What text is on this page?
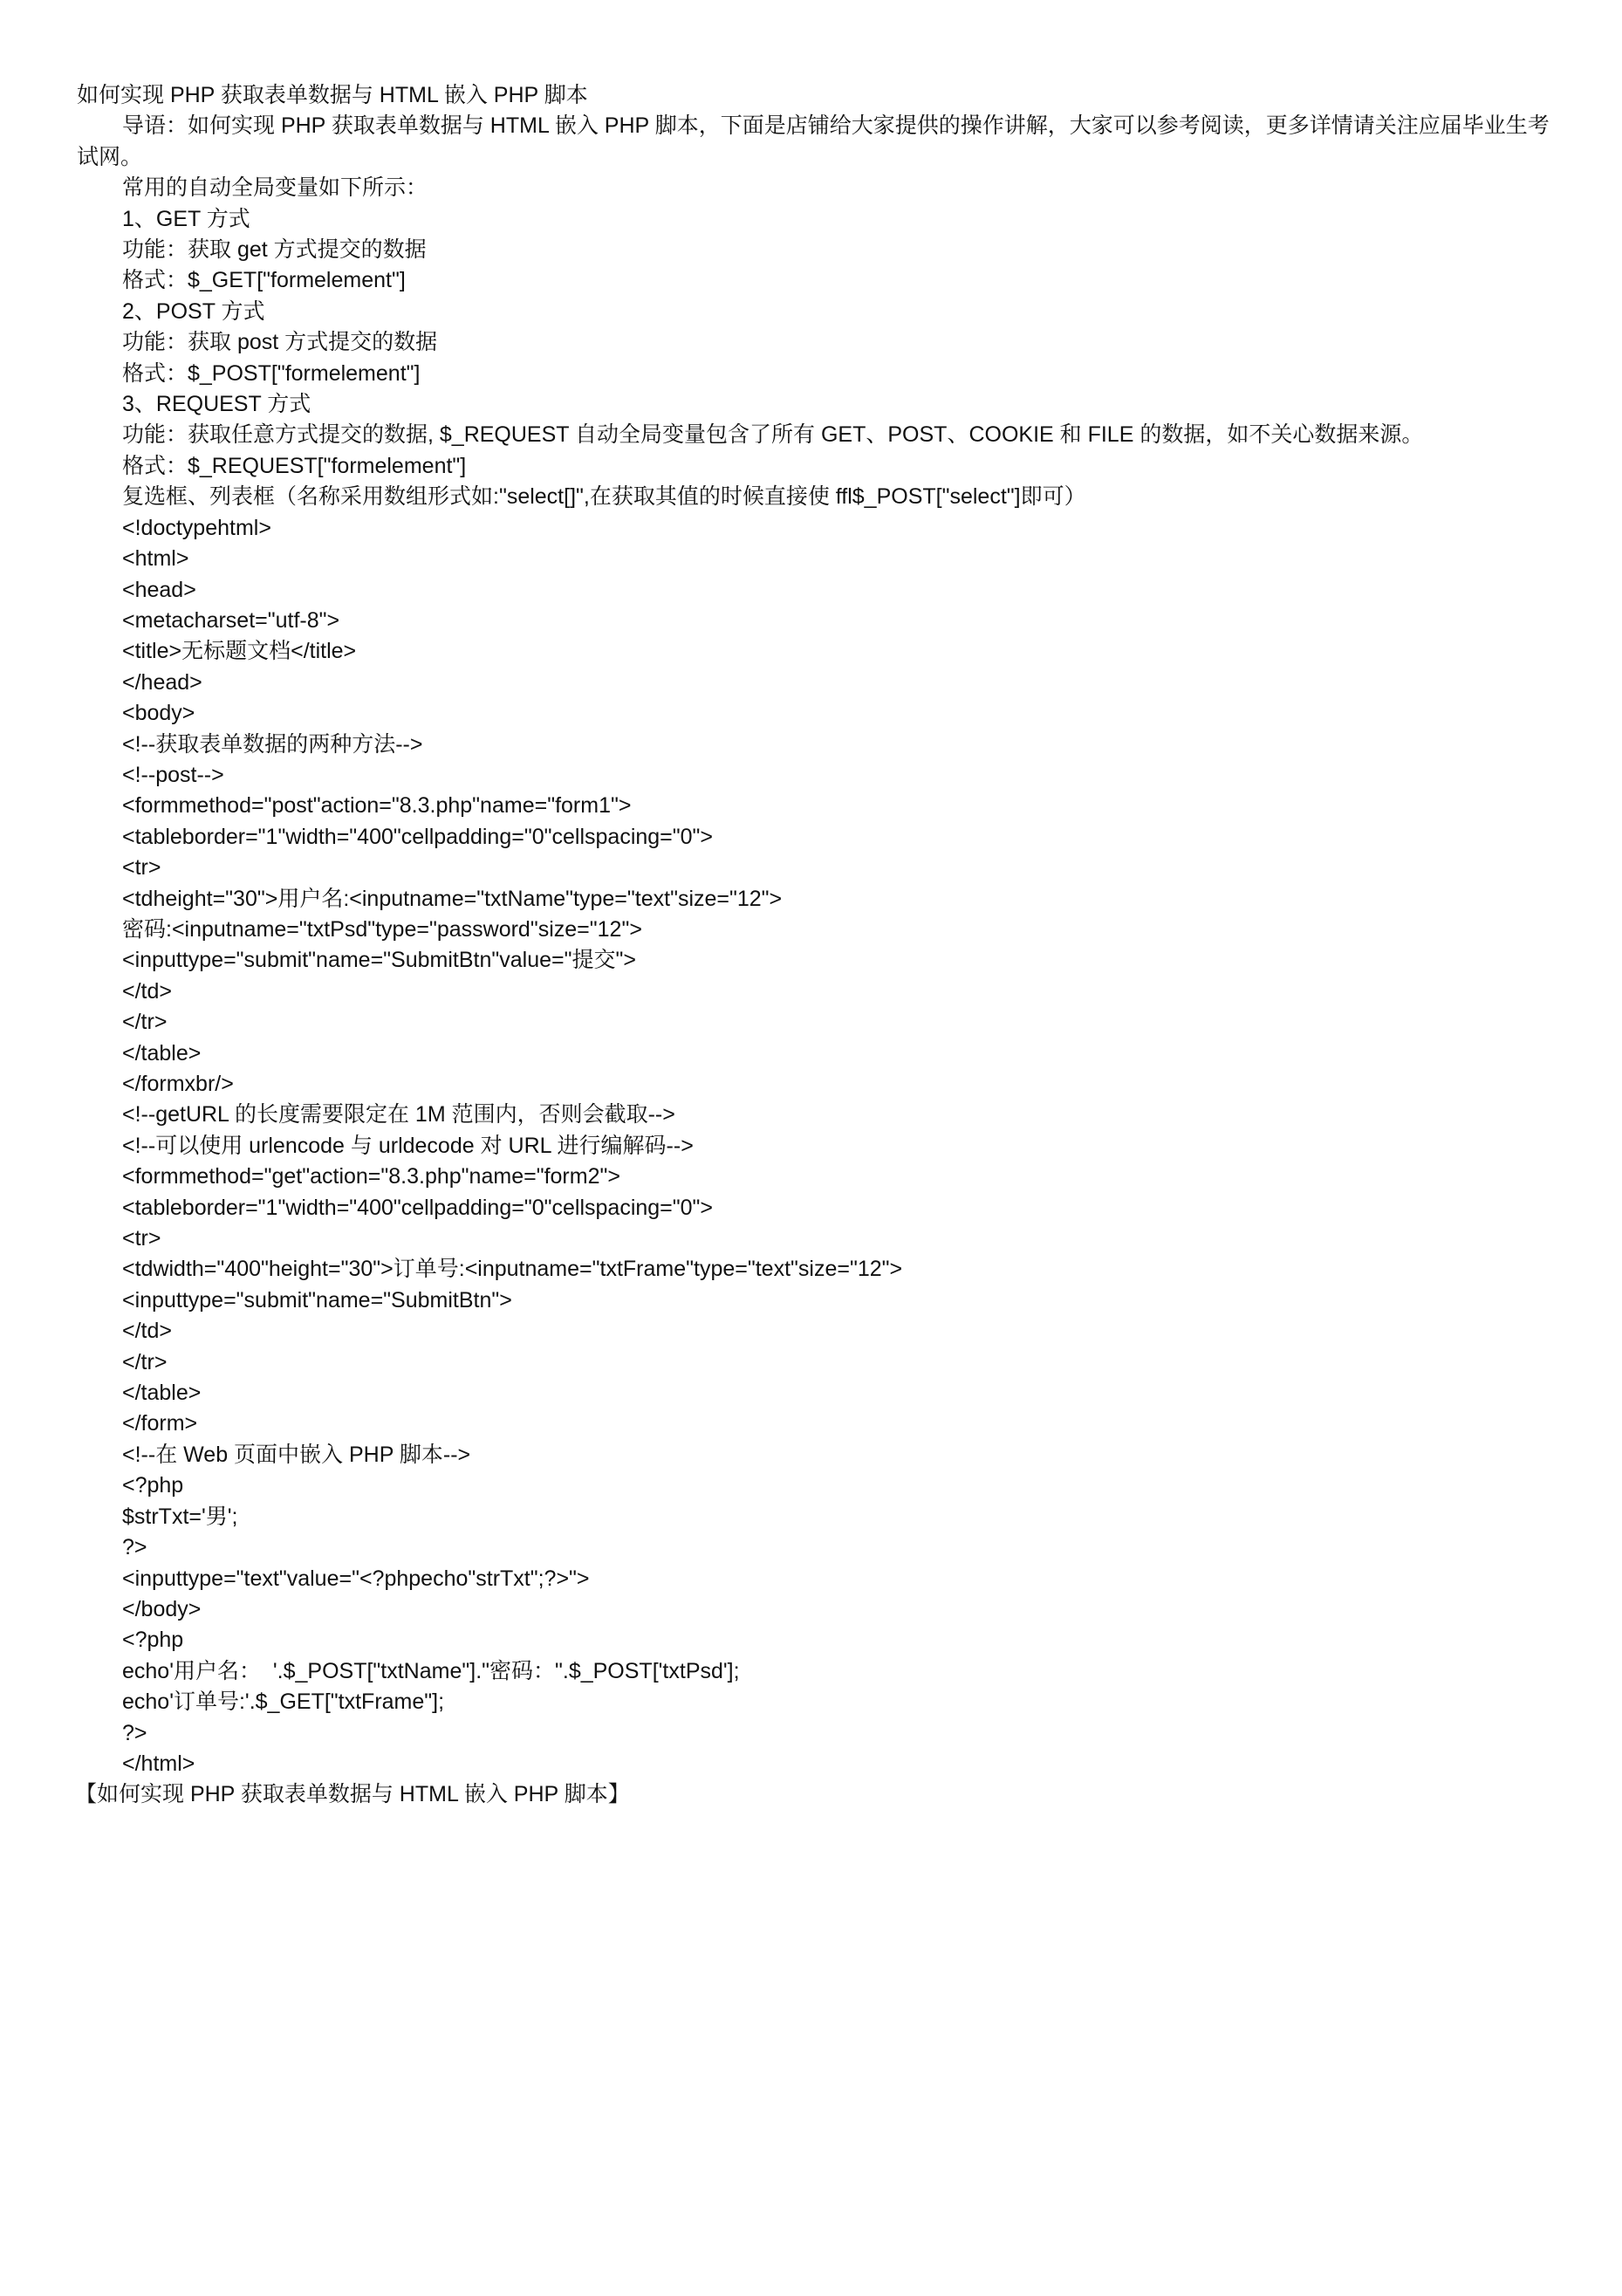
如何实现 PHP 获取表单数据与 HTML 嵌入 PHP 脚本

导语：如何实现 PHP 获取表单数据与 HTML 嵌入 PHP 脚本，下面是店铺给大家提供的操作讲解，大家可以参考阅读，更多详情请关注应届毕业生考试网。

常用的自动全局变量如下所示：

1、GET 方式

功能：获取 get 方式提交的数据

格式：$_GET["formelement"]

2、POST 方式

功能：获取 post 方式提交的数据

格式：$_POST["formelement"]

3、REQUEST 方式

功能：获取任意方式提交的数据, $_REQUEST 自动全局变量包含了所有 GET、POST、COOKIE 和 FILE 的数据，如不关心数据来源。

格式：$_REQUEST["formelement"]

复选框、列表框（名称采用数组形式如:"select[]",在获取其值的时候直接使 ffl$_POST["select"]即可）

<!doctypehtml>

<html>

<head>

<metacharset="utf-8">

<title>无标题文档</title>

</head>

<body>

<!--获取表单数据的两种方法-->

<!--post-->

<formmethod="post"action="8.3.php"name="form1">

<tableborder="1"width="400"cellpadding="0"cellspacing="0">

<tr>

<tdheight="30">用户名:<inputname="txtName"type="text"size="12">

密码:<inputname="txtPsd"type="password"size="12">

<inputtype="submit"name="SubmitBtn"value="提交">

</td>

</tr>

</table>

</formxbr/>

<!--getURL 的长度需要限定在 1M 范围内，否则会截取-->

<!--可以使用 urlencode 与 urldecode 对 URL 进行编解码-->

<formmethod="get"action="8.3.php"name="form2">

<tableborder="1"width="400"cellpadding="0"cellspacing="0">

<tr>

<tdwidth="400"height="30">订单号:<inputname="txtFrame"type="text"size="12">

<inputtype="submit"name="SubmitBtn">

</td>

</tr>

</table>

</form>

<!--在 Web 页面中嵌入 PHP 脚本-->

<?php

$strTxt='男';

?>

<inputtype="text"value="<?phpecho"strTxt";?>">

</body>

<?php

echo'用户名：  '.$_POST["txtName"]."密码：".$_POST['txtPsd'];

echo'订单号:'.$_GET["txtFrame"];

?>

</html>

【如何实现 PHP 获取表单数据与 HTML 嵌入 PHP 脚本】
